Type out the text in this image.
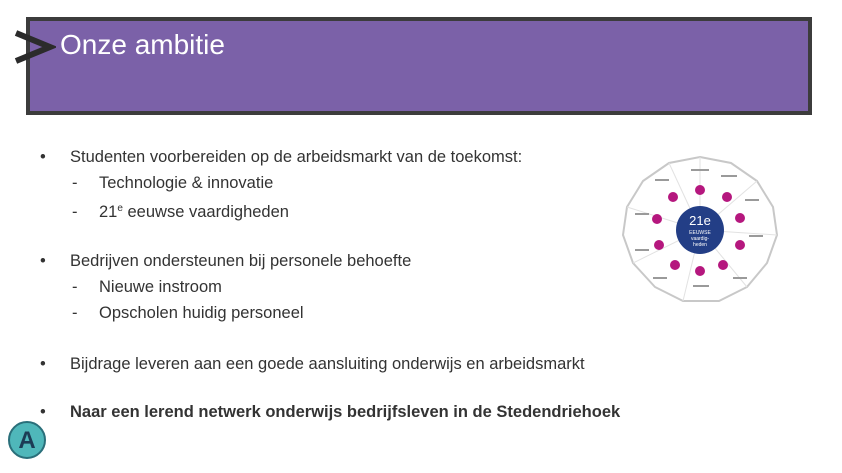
Onze ambitie
• Studenten voorbereiden op de arbeidsmarkt van de toekomst:
- Technologie & innovatie
- 21e eeuwse vaardigheden
• Bedrijven ondersteunen bij personele behoefte
- Nieuwe instroom
- Opscholen huidig personeel
• Bijdrage leveren aan een goede aansluiting onderwijs en arbeidsmarkt
• Naar een lerend netwerk onderwijs bedrijfsleven in de Stedendriehoek
21e
EEUWSE
vaardig-
heden
A
